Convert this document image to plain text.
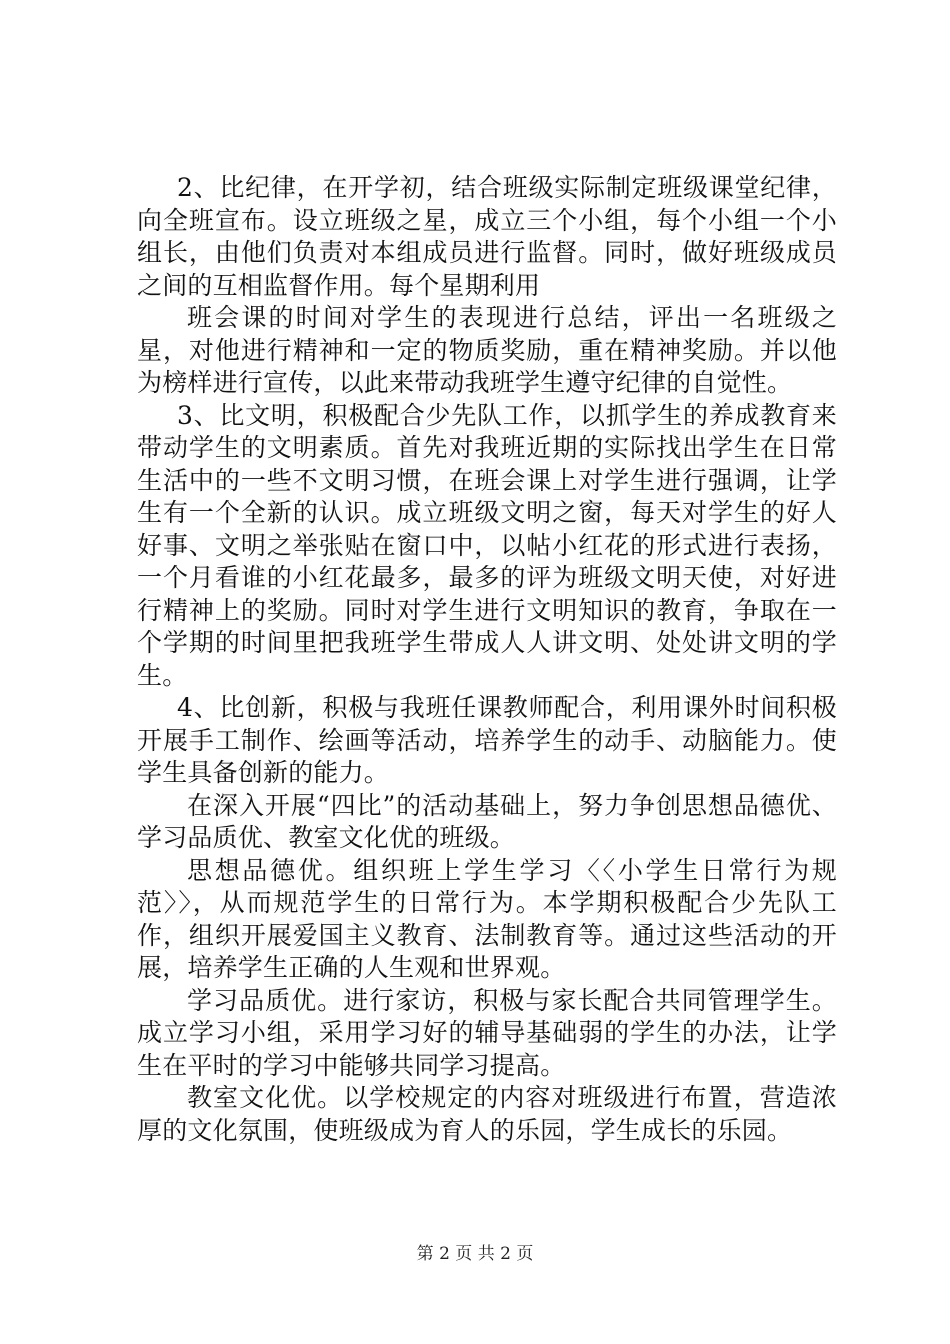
2、比纪律，在开学初，结合班级实际制定班级课堂纪律，向全班宣布。设立班级之星，成立三个小组，每个小组一个小组长，由他们负责对本组成员进行监督。同时，做好班级成员之间的互相监督作用。每个星期利用

班会课的时间对学生的表现进行总结，评出一名班级之星，对他进行精神和一定的物质奖励，重在精神奖励。并以他为榜样进行宣传，以此来带动我班学生遵守纪律的自觉性。

3、比文明，积极配合少先队工作，以抓学生的养成教育来带动学生的文明素质。首先对我班近期的实际找出学生在日常生活中的一些不文明习惯，在班会课上对学生进行强调，让学生有一个全新的认识。成立班级文明之窗，每天对学生的好人好事、文明之举张贴在窗口中，以帖小红花的形式进行表扬，一个月看谁的小红花最多，最多的评为班级文明天使，对好进行精神上的奖励。同时对学生进行文明知识的教育，争取在一个学期的时间里把我班学生带成人人讲文明、处处讲文明的学生。

4、比创新，积极与我班任课教师配合，利用课外时间积极开展手工制作、绘画等活动，培养学生的动手、动脑能力。使学生具备创新的能力。

在深入开展“四比”的活动基础上，努力争创思想品德优、学习品质优、教室文化优的班级。

思想品德优。组织班上学生学习〈〈小学生日常行为规范〉〉，从而规范学生的日常行为。本学期积极配合少先队工作，组织开展爱国主义教育、法制教育等。通过这些活动的开展，培养学生正确的人生观和世界观。

学习品质优。进行家访，积极与家长配合共同管理学生。成立学习小组，采用学习好的辅导基础弱的学生的办法，让学生在平时的学习中能够共同学习提高。

教室文化优。以学校规定的内容对班级进行布置，营造浓厚的文化氛围，使班级成为育人的乐园，学生成长的乐园。

第 2 页 共 2 页
